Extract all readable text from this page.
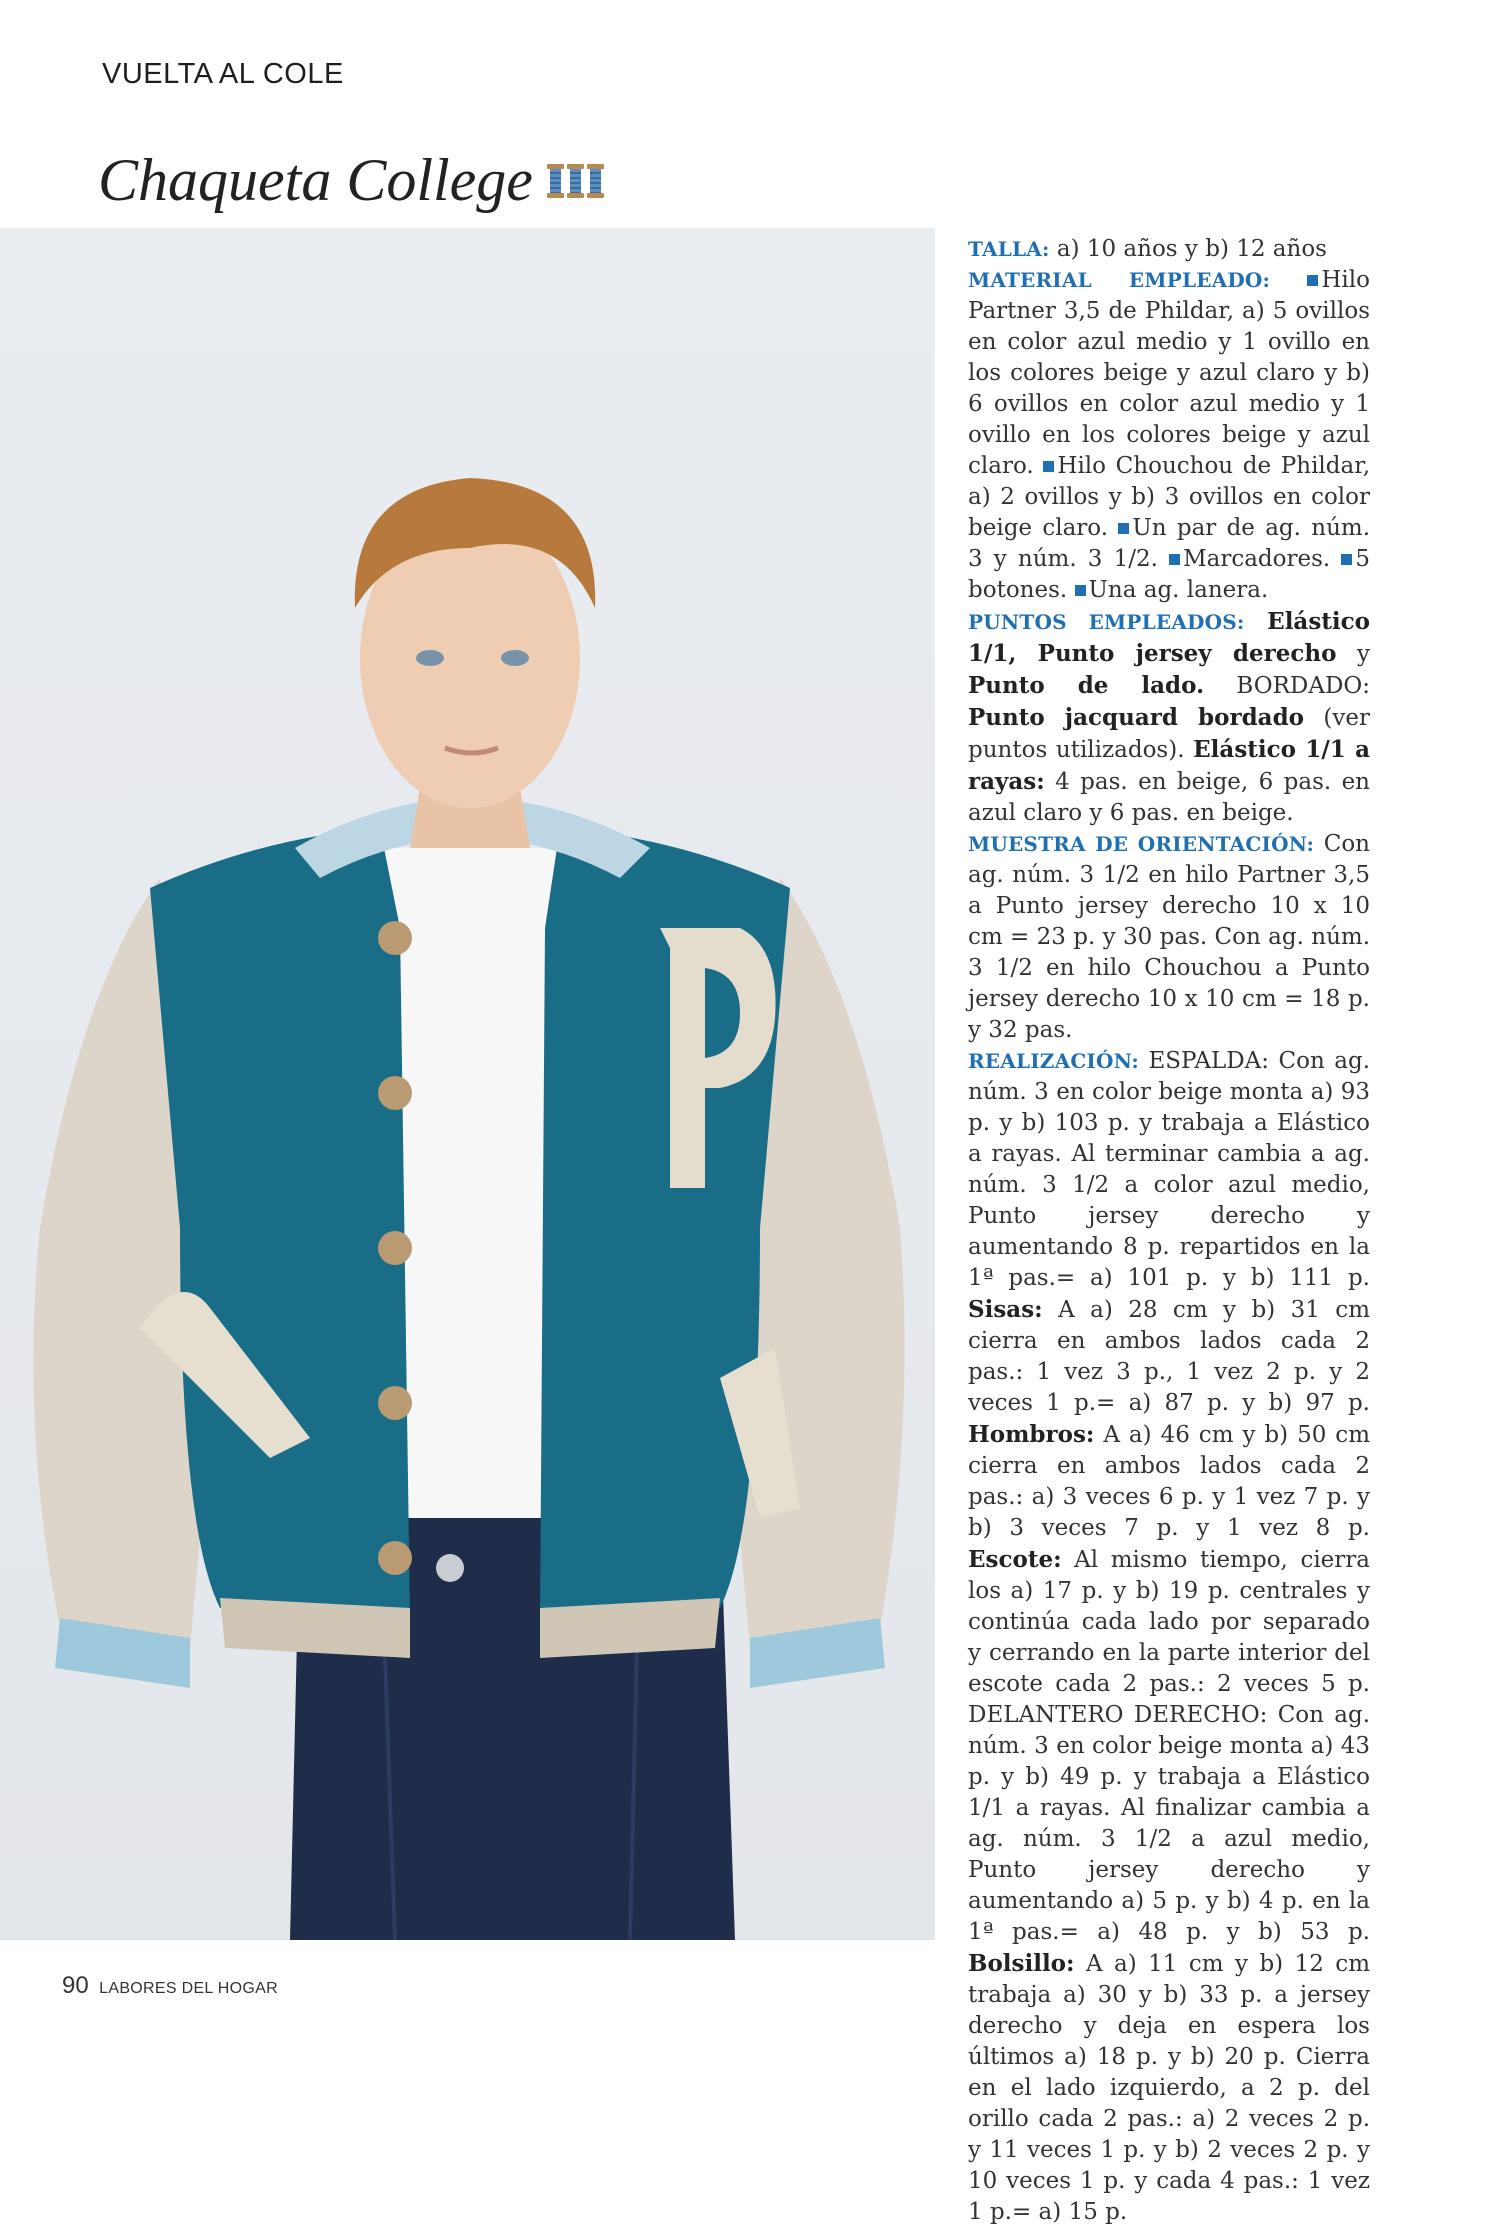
VUELTA AL COLE
Chaqueta College

TALLA: a) 10 años y b) 12 años

MATERIAL EMPLEADO: Hilo Partner 3,5 de Phildar, a) 5 ovillos en color azul medio y 1 ovillo en los colores beige y azul claro y b) 6 ovillos en color azul medio y 1 ovillo en los colores beige y azul claro. Hilo Chouchou de Phildar, a) 2 ovillos y b) 3 ovillos en color beige claro. Un par de ag. núm. 3 y núm. 3 1/2. Marcadores. 5 botones. Una ag. lanera.

PUNTOS EMPLEADOS: Elástico 1/1, Punto jersey derecho y Punto de lado. BORDADO: Punto jacquard bordado (ver puntos utilizados). Elástico 1/1 a rayas: 4 pas. en beige, 6 pas. en azul claro y 6 pas. en beige.

MUESTRA DE ORIENTACIÓN: Con ag. núm. 3 1/2 en hilo Partner 3,5 a Punto jersey derecho 10 x 10 cm = 23 p. y 30 pas. Con ag. núm. 3 1/2 en hilo Chouchou a Punto jersey derecho 10 x 10 cm = 18 p. y 32 pas.

REALIZACIÓN: ESPALDA: Con ag. núm. 3 en color beige monta a) 93 p. y b) 103 p. y trabaja a Elástico a rayas. Al terminar cambia a ag. núm. 3 1/2 a color azul medio, Punto jersey derecho y aumentando 8 p. repartidos en la 1ª pas.= a) 101 p. y b) 111 p. Sisas: A a) 28 cm y b) 31 cm cierra en ambos lados cada 2 pas.: 1 vez 3 p., 1 vez 2 p. y 2 veces 1 p.= a) 87 p. y b) 97 p. Hombros: A a) 46 cm y b) 50 cm cierra en ambos lados cada 2 pas.: a) 3 veces 6 p. y 1 vez 7 p. y b) 3 veces 7 p. y 1 vez 8 p. Escote: Al mismo tiempo, cierra los a) 17 p. y b) 19 p. centrales y continúa cada lado por separado y cerrando en la parte interior del escote cada 2 pas.: 2 veces 5 p. DELANTERO DERECHO: Con ag. núm. 3 en color beige monta a) 43 p. y b) 49 p. y trabaja a Elástico 1/1 a rayas. Al finalizar cambia a ag. núm. 3 1/2 a azul medio, Punto jersey derecho y aumentando a) 5 p. y b) 4 p. en la 1ª pas.= a) 48 p. y b) 53 p. Bolsillo: A a) 11 cm y b) 12 cm trabaja a) 30 y b) 33 p. a jersey derecho y deja en espera los últimos a) 18 p. y b) 20 p. Cierra en el lado izquierdo, a 2 p. del orillo cada 2 pas.: a) 2 veces 2 p. y 11 veces 1 p. y b) 2 veces 2 p. y 10 veces 1 p. y cada 4 pas.: 1 vez 1 p.= a) 15 p.

90 LABORES DEL HOGAR
